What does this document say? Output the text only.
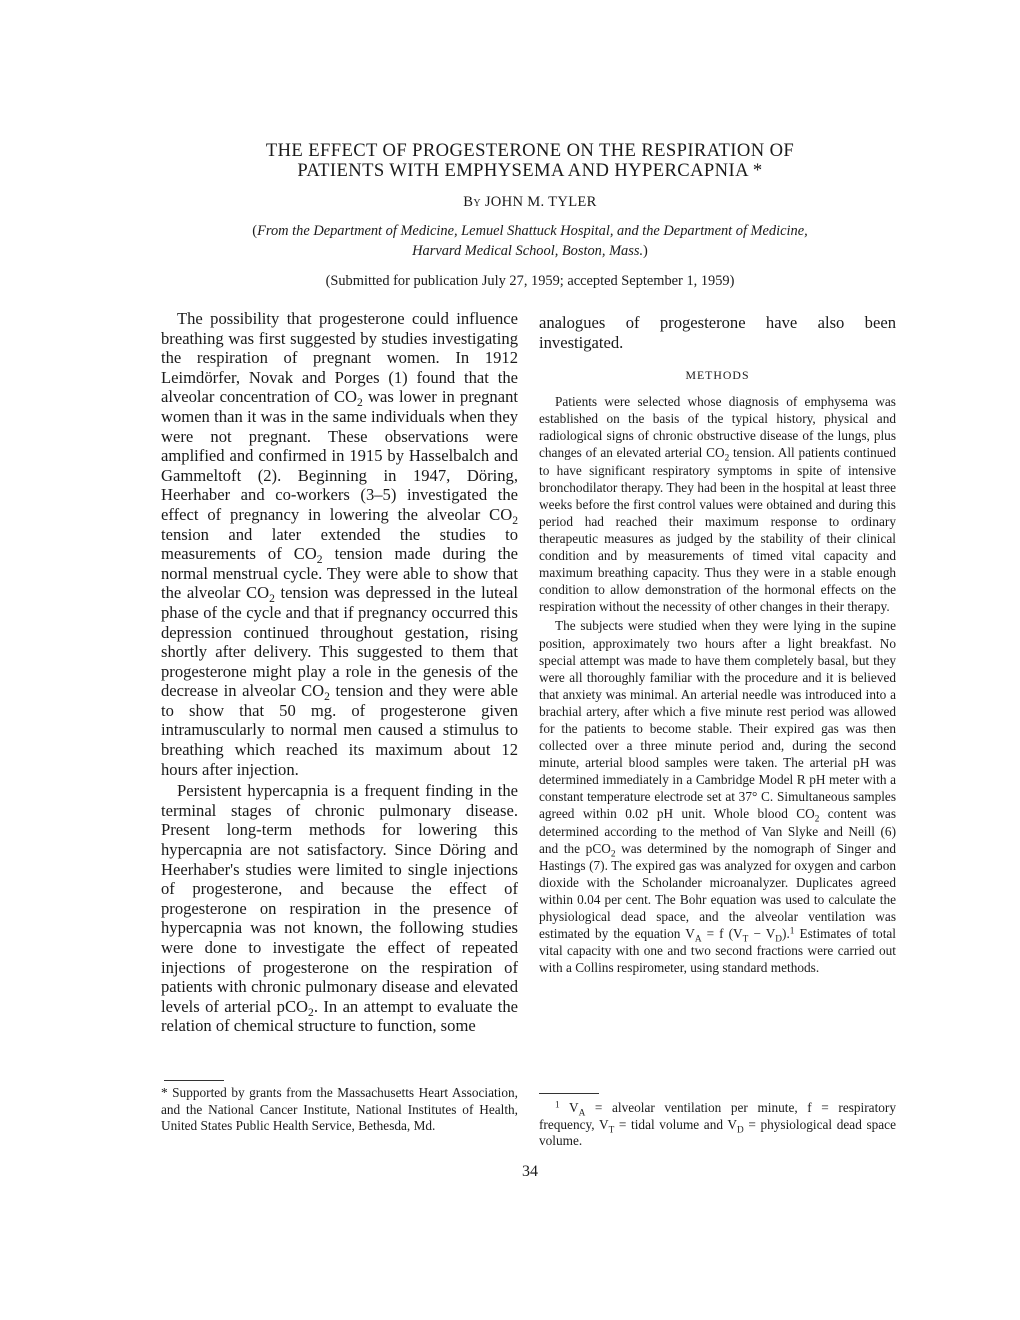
THE EFFECT OF PROGESTERONE ON THE RESPIRATION OF
PATIENTS WITH EMPHYSEMA AND HYPERCAPNIA *
By JOHN M. TYLER
(From the Department of Medicine, Lemuel Shattuck Hospital, and the Department of Medicine,
Harvard Medical School, Boston, Mass.)
(Submitted for publication July 27, 1959; accepted September 1, 1959)

The possibility that progesterone could influence breathing was first suggested by studies investigating the respiration of pregnant women. In 1912 Leimdörfer, Novak and Porges (1) found that the alveolar concentration of $CO_2$ was lower in pregnant women than it was in the same individuals when they were not pregnant. These observations were amplified and confirmed in 1915 by Hasselbalch and Gammeltoft (2). Beginning in 1947, Döring, Heerhaber and co-workers (3–5) investigated the effect of pregnancy in lowering the alveolar $CO_2$ tension and later extended the studies to measurements of $CO_2$ tension made during the normal menstrual cycle. They were able to show that the alveolar $CO_2$ tension was depressed in the luteal phase of the cycle and that if pregnancy occurred this depression continued throughout gestation, rising shortly after delivery. This suggested to them that progesterone might play a role in the genesis of the decrease in alveolar $CO_2$ tension and they were able to show that 50 mg. of progesterone given intramuscularly to normal men caused a stimulus to breathing which reached its maximum about 12 hours after injection.

Persistent hypercapnia is a frequent finding in the terminal stages of chronic pulmonary disease. Present long-term methods for lowering this hypercapnia are not satisfactory. Since Döring and Heerhaber's studies were limited to single injections of progesterone, and because the effect of progesterone on respiration in the presence of hypercapnia was not known, the following studies were done to investigate the effect of repeated injections of progesterone on the respiration of patients with chronic pulmonary disease and elevated levels of arterial pCO$_2$. In an attempt to evaluate the relation of chemical structure to function, some

* Supported by grants from the Massachusetts Heart Association, and the National Cancer Institute, National Institutes of Health, United States Public Health Service, Bethesda, Md.

analogues of progesterone have also been investigated.

METHODS

Patients were selected whose diagnosis of emphysema was established on the basis of the typical history, physical and radiological signs of chronic obstructive disease of the lungs, plus changes of an elevated arterial $CO_2$ tension. All patients continued to have significant respiratory symptoms in spite of intensive bronchodilator therapy. They had been in the hospital at least three weeks before the first control values were obtained and during this period had reached their maximum response to ordinary therapeutic measures as judged by the stability of their clinical condition and by measurements of timed vital capacity and maximum breathing capacity. Thus they were in a stable enough condition to allow demonstration of the hormonal effects on the respiration without the necessity of other changes in their therapy.

The subjects were studied when they were lying in the supine position, approximately two hours after a light breakfast. No special attempt was made to have them completely basal, but they were all thoroughly familiar with the procedure and it is believed that anxiety was minimal. An arterial needle was introduced into a brachial artery, after which a five minute rest period was allowed for the patients to become stable. Their expired gas was then collected over a three minute period and, during the second minute, arterial blood samples were taken. The arterial pH was determined immediately in a Cambridge Model R pH meter with a constant temperature electrode set at 37° C. Simultaneous samples agreed within 0.02 pH unit. Whole blood $CO_2$ content was determined according to the method of Van Slyke and Neill (6) and the pCO$_2$ was determined by the nomograph of Singer and Hastings (7). The expired gas was analyzed for oxygen and carbon dioxide with the Scholander microanalyzer. Duplicates agreed within 0.04 per cent. The Bohr equation was used to calculate the physiological dead space, and the alveolar ventilation was estimated by the equation $V_A = f$ $(V_T - V_D).^1$ Estimates of total vital capacity with one and two second fractions were carried out with a Collins respirometer, using standard methods.

$^1$ $V_A$ = alveolar ventilation per minute, f = respiratory frequency, $V_T$ = tidal volume and $V_D$ = physiological dead space volume.

34
